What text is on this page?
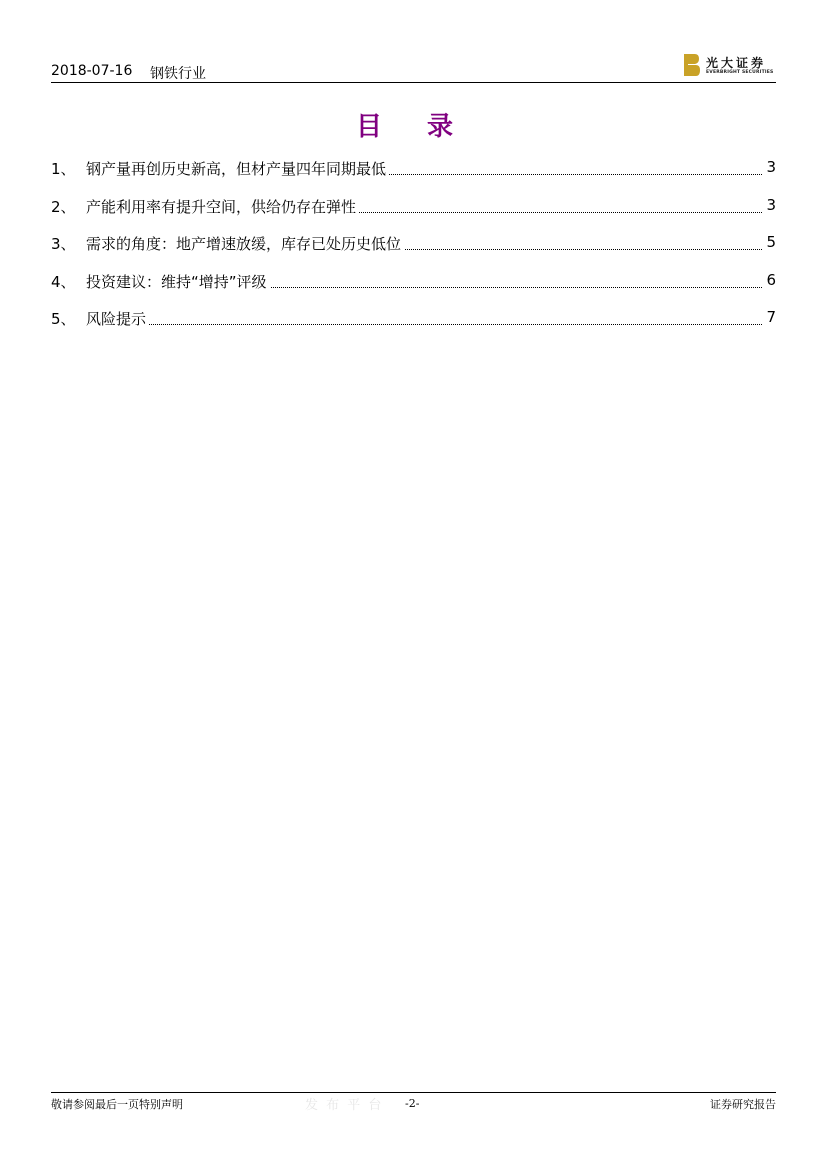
2018-07-16 钢铁行业
光大证券
EVERBRIGHT SECURITIES
目 录
1、 钢产量再创历史新高，但材产量四年同期最低	3
2、 产能利用率有提升空间，供给仍存在弹性	3
3、 需求的角度：地产增速放缓，库存已处历史低位	5
4、 投资建议：维持“增持”评级	6
5、 风险提示	7
敬请参阅最后一页特别声明	发 布 平 台 -2-	证券研究报告
